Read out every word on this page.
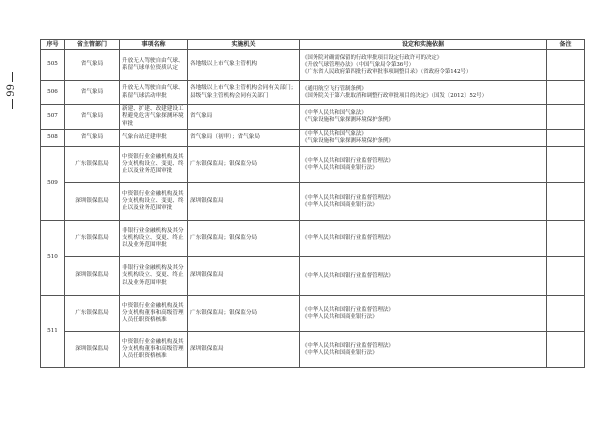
99
序号	省主管部门	事项名称	实施机关	设定和实施依据	备注
505	省气象局	升放无人驾驶自由气球、系留气球单位资质认定	各地级以上市气象主管机构	《国务院对确需保留的行政审批项目设定行政许可的决定》
《升放气球管理办法》（中国气象局令第36号）
《广东省人民政府第四批行政审批事项调整目录》（省政府令第142号）	

506	省气象局	升放无人驾驶自由气球、系留气球活动审批	各地级以上市气象主管机构会同有关部门；县级气象主管机构会同有关部门	《通用航空飞行管制条例》
《国务院关于第六批取消和调整行政审批项目的决定》（国发〔2012〕52号）	

507	省气象局	新建、扩建、改建建设工程避免危害气象探测环境审批	省气象局	《中华人民共和国气象法》
《气象设施和气象探测环境保护条例》	

508	省气象局	气象台站迁建审批	省气象局（初审）；省气象局	《中华人民共和国气象法》
《气象设施和气象探测环境保护条例》	

509	广东银保监局	中资银行业金融机构及其分支机构设立、变更、终止以及业务范围审批	广东银保监局；银保监分局	《中华人民共和国银行业监督管理法》
《中华人民共和国商业银行法》	

	深圳银保监局	中资银行业金融机构及其分支机构设立、变更、终止以及业务范围审批	深圳银保监局	《中华人民共和国银行业监督管理法》
《中华人民共和国商业银行法》	

510	广东银保监局	非银行业金融机构及其分支机构设立、变更、终止以及业务范围审批	广东银保监局；银保监分局	《中华人民共和国银行业监督管理法》	

	深圳银保监局	非银行业金融机构及其分支机构设立、变更、终止以及业务范围审批	深圳银保监局	《中华人民共和国银行业监督管理法》	

511	广东银保监局	中资银行业金融机构及其分支机构董事和高级管理人员任职资格核准	广东银保监局；银保监分局	《中华人民共和国银行业监督管理法》
《中华人民共和国商业银行法》	

	深圳银保监局	中资银行业金融机构及其分支机构董事和高级管理人员任职资格核准	深圳银保监局	《中华人民共和国银行业监督管理法》
《中华人民共和国商业银行法》	
